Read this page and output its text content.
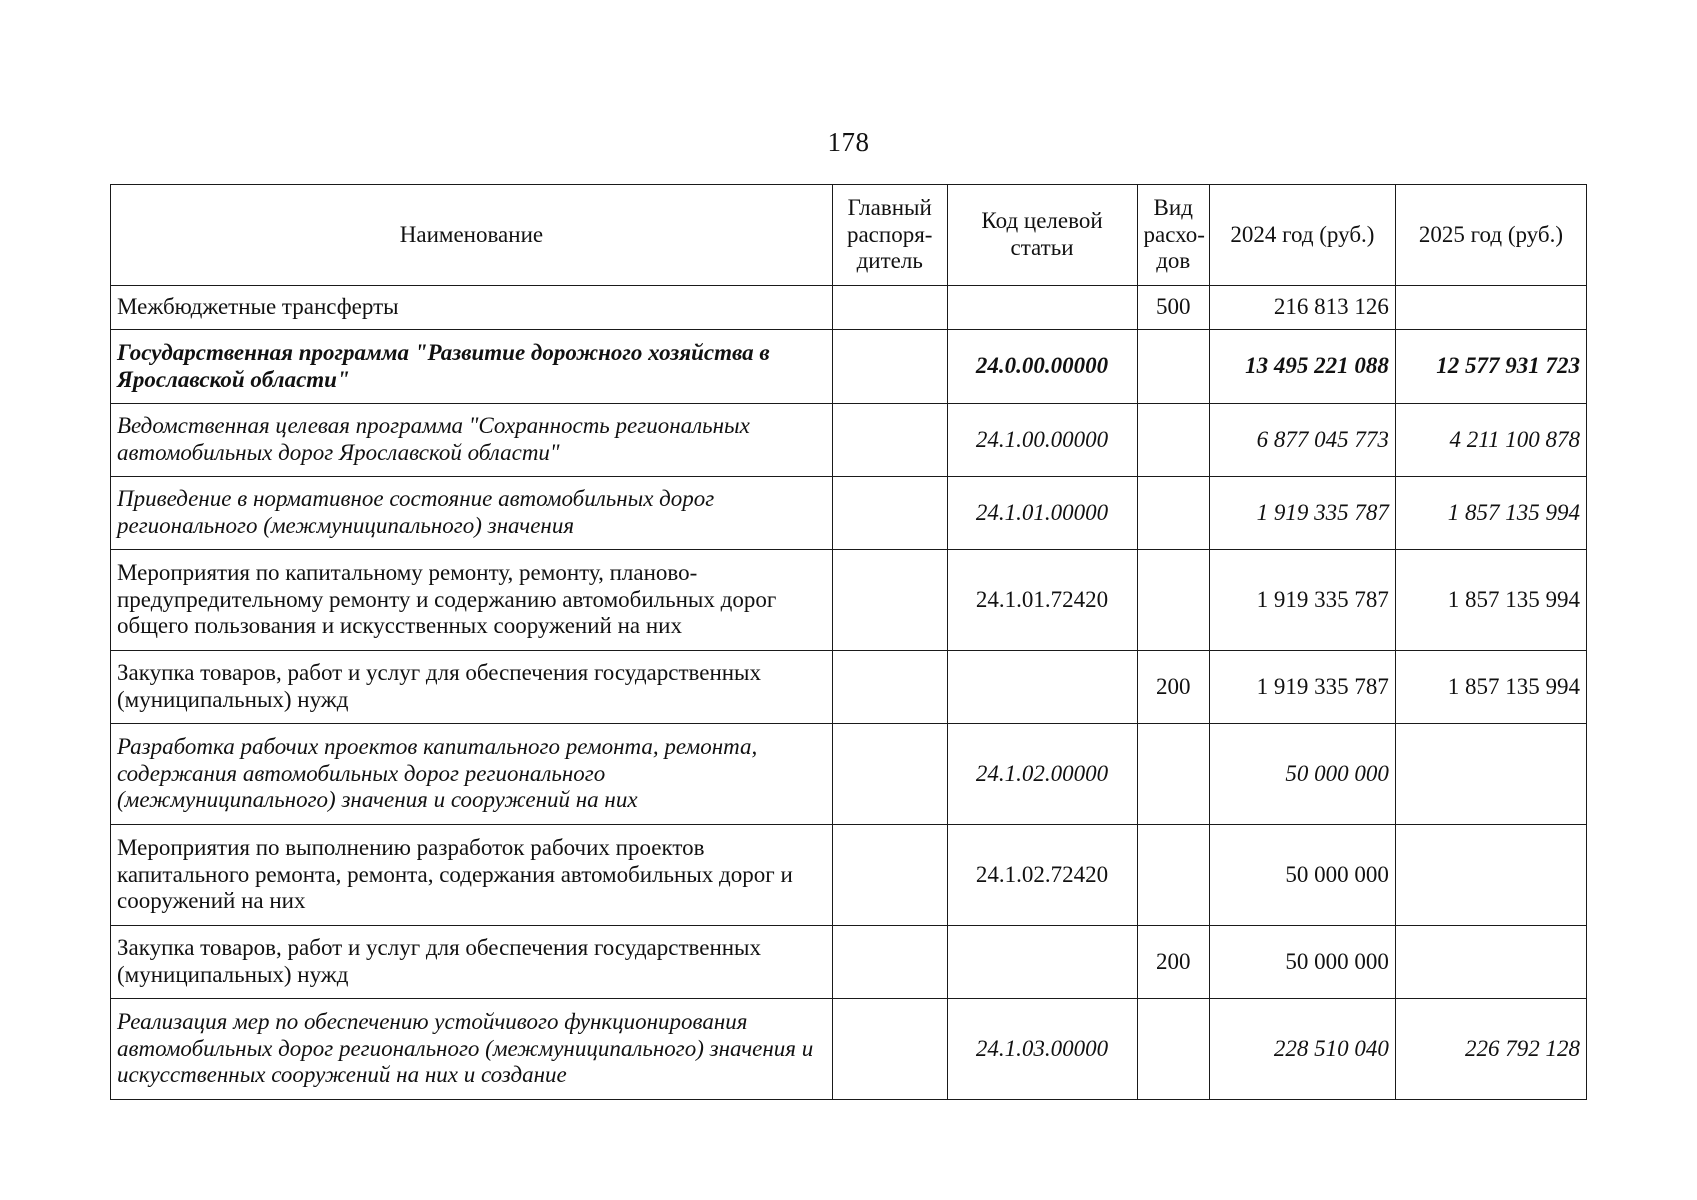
178
Наименование	Главный распоря-дитель	Код целевой статьи	Вид расхо-дов	2024 год (руб.)	2025 год (руб.)
Межбюджетные трансферты			500	216 813 126	
Государственная программа "Развитие дорожного хозяйства в Ярославской области"		24.0.00.00000		13 495 221 088	12 577 931 723
Ведомственная целевая программа "Сохранность региональных автомобильных дорог Ярославской области"		24.1.00.00000		6 877 045 773	4 211 100 878
Приведение в нормативное состояние автомобильных дорог регионального (межмуниципального) значения		24.1.01.00000		1 919 335 787	1 857 135 994
Мероприятия по капитальному ремонту, ремонту, планово-предупредительному ремонту и содержанию автомобильных дорог общего пользования и искусственных сооружений на них		24.1.01.72420		1 919 335 787	1 857 135 994
Закупка товаров, работ и услуг для обеспечения государственных (муниципальных) нужд			200	1 919 335 787	1 857 135 994
Разработка рабочих проектов капитального ремонта, ремонта, содержания автомобильных дорог регионального (межмуниципального) значения и сооружений на них		24.1.02.00000		50 000 000	
Мероприятия по выполнению разработок рабочих проектов капитального ремонта, ремонта, содержания автомобильных дорог и сооружений на них		24.1.02.72420		50 000 000	
Закупка товаров, работ и услуг для обеспечения государственных (муниципальных) нужд			200	50 000 000	
Реализация мер по обеспечению устойчивого функционирования автомобильных дорог регионального (межмуниципального) значения и искусственных сооружений на них и создание		24.1.03.00000		228 510 040	226 792 128
